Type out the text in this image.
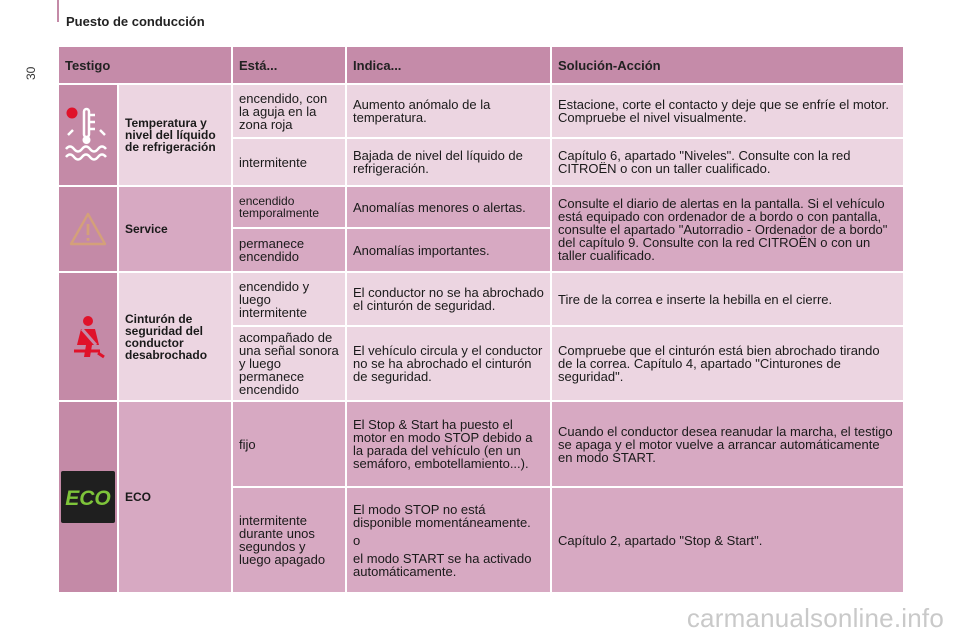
Puesto de conducción
30
Testigo		Está...	Indica...	Solución-Acción

	Temperatura y nivel del líquido de refrigeración	encendido, con la aguja en la zona roja	Aumento anómalo de la temperatura.	Estacione, corte el contacto y deje que se enfríe el motor. Compruebe el nivel visualmente.
		intermitente	Bajada de nivel del líquido de refrigeración.	Capítulo 6, apartado "Niveles". Consulte con la red CITROËN o con un taller cualificado.

	Service	encendido temporalmente	Anomalías menores o alertas.	Consulte el diario de alertas en la pantalla. Si el vehículo está equipado con ordenador de a bordo o con pantalla, consulte el apartado "Autorradio - Ordenador de a bordo" del capítulo 9. Consulte con la red CITROËN o con un taller cualificado.
		permanece encendido	Anomalías importantes.	

	Cinturón de seguridad del conductor desabrochado	encendido y luego intermitente	El conductor no se ha abrochado el cinturón de seguridad.	Tire de la correa e inserte la hebilla en el cierre.
		acompañado de una señal sonora y luego permanece encendido	El vehículo circula y el conductor no se ha abrochado el cinturón de seguridad.	Compruebe que el cinturón está bien abrochado tirando de la correa. Capítulo 4, apartado "Cinturones de seguridad".

ECO	ECO	fijo	El Stop & Start ha puesto el motor en modo STOP debido a la parada del vehículo (en un semáforo, embotellamiento...).	Cuando el conductor desea reanudar la marcha, el testigo se apaga y el motor vuelve a arrancar automáticamente en modo START.
		intermitente durante unos segundos y luego apagado	El modo STOP no está disponible momentáneamente.

o

el modo START se ha activado automáticamente.	Capítulo 2, apartado "Stop & Start".
carmanualsonline.info
